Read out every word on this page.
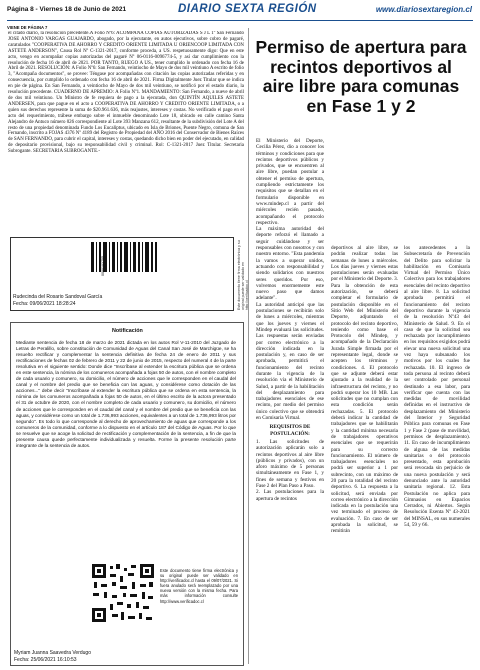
Página 8 - Viernes 18 de Junio de 2021	DIARIO SEXTA REGIÓN	www.diariosextaregion.cl
VIENE DE PÁGINA 7
el citado diario, la resolución precedente.A Folio Nº6: ACOMPAÑA COPIAS AUTORIZADAS S J L 1º San Fernando JOSE ANTONIO VARGAS GUAJARDO, abogado, por la ejecutante, en autos ejecutivos, sobre cobro de pagaré, caratulados "COOPERATIVA DE AHORRO Y CREDITO ORIENTE LIMITADA U ORIENCOOP LIMITADA CON ASTETE ANDERSON", Causa Rol Nº C-1321-2017, conforme proceda, a US. respetuosamente digo: Que en este acto, vengo en acompañar copias autorizadas del pagaré Nº 06-0116-0096774-5, y así dar cumplimiento con la resolución de fecha 16 de abril de 2021. POR TANTO, RUEGO A US., tener cumplido lo ordenado con fecha 16 de Abril de 2021. RESOLUCIÓN: A Folio Nº6: San Fernando, veintiocho de Mayo de dos mil veintiuno A escrito de folio 3, "Acompaña documentos", se provee: Téngase por acompañadas con citación las copias autorizadas referidas y en consecuencia, por cumplido lo ordenado con fecha 16 de abril de 2021. Firma Digitalmente Juez Titular que se indica en pie de página. En San Fernando, a veintiocho de Mayo de dos mil veintiuno, se notificó por el estado diario, la resolución precedente. CUADERNO DE APREMIO: A Folio Nº1. MANDAMIENTO: San Fernando, a nueve de abril de dos mil veintiuno. Un Ministro de fe requiera de pago a la ejecutada, don QUINTÍN AQUILES ASTETE ANDERSEN, para que pague en el acto a COOPERATIVA DE AHORRO Y CREDITO ORIENTE LIMITADA, o a quien sus derechos represente la suma de $20.961.636, más reajustes, intereses y costas. No verificado el pago en el acto del requerimiento, trábese embargo sobre el inmueble denominado Lote 18, ubicado en calle camino Santa Alejandro de Antuco número 026 correspondiente al Lote 393 Manzana 612, resultante de la subdivisión del Lote A del resto de una propiedad denominada Fundo Los Eucaliptus, ubicado en Isla de Briones, Puente Negro, comuna de San Fernando, inscrito a FOJAS 4376 Nº 4189 del Registro de Propiedad del AÑO 2016 del Conservador de Bienes Raíces de SAN FERNANDO, para cubrir el capital, intereses y costas, quedando dicho bien en poder del ejecutado, en calidad de depositario provisional, bajo su responsabilidad civil y criminal. Rol: C-1321-2017 Juez Titular. Secretaria Subrogante. SECRETARIA SUBROGANTE.-
0000103755
Rudecinda del Rosario Sandoval García
Fecha: 09/06/2021 18:28:24	Este documento tiene firma electrónica y su original puede ser validado en http://verificadoc.cl
Notificación
Mediante sentencia de fecha 18 de marzo de 2021 dictada en los autos Rol V-11-2010 del Juzgado de Letras de Peralillo, sobre constitución de Comunidad de Aguas del Canal San José de Marchigüe, se ha resuelto rectificar y complementar la sentencia definitiva de fecha 24 de enero de 2011 y sus rectificaciones de fechas 02 de febrero de 2011 y 22 de junio de 2015, respecto del numeral 4 de la parte resolutiva en el siguiente sentido: Donde dice "Inscríbase al extender la escritura pública que se ordena en este sentencia, la nómina de los comuneros acompañada a fojas 50 de autos, con el nombre completo de cada usuario y comunero, su domicilio, el número de acciones que le corresponden en el caudal del canal y el nombre del predio que se beneficia con las aguas, y considérese como dotación de las acciones..." debe decir "Inscríbase al extender la escritura pública que se ordena en esta sentencia, la nómina de los comuneros acompañada a fojas 50 de autos, en el último escrito de la actora presentado el 31 de octubre de 2020, con el nombre completo de cada usuario y comunero, su domicilio, el número de acciones que le corresponden en el caudal del canal y el nombre del predio que se beneficia con las aguas, y considérese como un total de 1.736,993 acciones, equivalentes a un total de 1.736,993 litros por segundo". Es todo lo que corresponde al derecho de aprovechamiento de aguas que corresponde a los comuneros de la comunidad, conforme a lo dispuesto en el artículo 187 del Código de Aguas. Por lo que se resuelve que se acoge la solicitud de rectificación y complementación de la sentencia, a fin de que la presente causa quede perfectamente individualizada y resuelta. Forme la presente resolución parte integrante de la sentencia de autos.
Este documento tiene firma electrónica y su original puede ser validado en http://verificadoc.cl hasta el 09/07/2021. Si fuera anulado será reemplazado por una nueva versión con la misma fecha. Para más información consulte http://www.verificadoc.cl
Myriam Juanna Saavedra Verdugo
Fecha: 25/06/2021 16:10:53
Permiso de apertura para recintos deportivos al aire libre para comunas en Fase 1 y 2
El Ministerio del Deporte, Cecilia Pérez, dio a conocer los términos y condiciones para que recintos deportivos públicos y privados, que se encuentren al aire libre, puedan postular a obtener el permiso de apertura, cumpliendo estrictamente los requisitos que se detallan en el formulario disponible en www.mindep.cl a partir del miércoles recién pasado, acompañando el protocolo respectivo.
La máxima autoridad del deporte reforzó el llamado a seguir cuidándose y ser responsables con nosotros y con nuestro entorno. "Esta pandemia la vamos a superar unidos, actuando con responsabilidad y siendo solidarios con nuestros seres queridos. Por eso, volvemos enormemente este nuevo paso que damos adelante".
La autoridad anticipó que las postulaciones se recibirán solo de lunes a miércoles, mientras que los jueves y viernes el Mindep evaluará las solicitudes. Las respuestas serán enviadas por correo electrónico a la dirección indicada en la postulación y, en caso de ser aprobada, permitirá el funcionamiento del recinto durante la vigencia de la resolución vía el Ministerio de Salud, a partir de la habilitación del desplazamiento para trabajadores esenciales de ese recinto, por medio del permiso único colectivo que se obtendrá en Comisaría Virtual.
REQUISITOS DE POSTULACIÓN:
1. Las solicitudes de autorización aplicarán solo a recintos deportivos al aire libre (públicos y privados), con un aforo máximo de 5 personas simultáneamente en Fase 1, y fines de semana y festivos en Fase 2 del Plan Paso a Paso.
2. Las postulaciones para la apertura de recintos
deportivos al aire libre, se podrán realizar todas las semanas de lunes a miércoles. Los días jueves y viernes estas postulaciones serán evaluadas por el Ministerio del Deporte. 3. Para la obtención de esta autorización, se deberá completar el formulario de postulación disponible en el Sitio Web del Ministerio del Deporte, adjuntando el protocolo del recinto deportivo, teniendo como base el Protocolo del Mindep, y acompañado de la Declaración Jurada Simple firmada por el representante legal, donde se acepten los términos y condiciones. 4. El protocolo que se adjunte deberá estar ajustado a la realidad de la infraestructura del recinto, y no podrá superar los 10 MB. Las solicitudes que no cumplan con esta condición serán rechazadas. 5. El protocolo deberá indicar la cantidad de trabajadores que se habilitarán y la cantidad mínima necesaria de trabajadores operativos esenciales que se requerirán para su correcto funcionamiento. El número de trabajadores esenciales no podrá ser superior a 1 por subrecinto, con un máximo de 20 para la totalidad del recinto deportivo. 6. La respuesta a la solicitud, será enviada por correo electrónico a la dirección indicada en la postulación una vez terminado el proceso de evaluación. 7. En caso de ser aprobada la solicitud, se remitirán
los antecedentes a la Subsecretaría de Prevención del Delito para solicitar la habilitación en Comisaría Virtual del Permiso Único Colectivo para los trabajadores esenciales del recinto deportivo al aire libre. 8. La solicitud aprobada permitirá el funcionamiento del recinto deportivo durante la vigencia de la resolución Nº43 del Ministerio de Salud. 9. En el caso de que la solicitud sea rechazada por incumplimiento en los requisitos exigidos podrá elevar una nueva solicitud una vez haya subsanado los motivos por los cuales fue rechazada. 10. El ingreso de toda persona al recinto deberá ser controlado por personal destinado a esa labor, para verificar que cuenta con las medidas de movilidad definidas en el instructivo de desplazamiento del Ministerio del Interior y Seguridad Pública para comunas en Fase 1 y Fase 2 (pase de movilidad, permisos de desplazamiento). 11. En caso de incumplimiento de alguna de las medidas sanitarias o del protocolo presentado, esta aprobación será revocada sin perjuicio de una nueva postulación y será denunciado ante la autoridad sanitaria regional. 12. Esta Postulación no aplica para Gimnasios en Espacios Cerrados, ni Abiertos. Según Resolución Exenta Nº 43-2021 del MINSAL, en sus numerales 54, 59 y 66.
